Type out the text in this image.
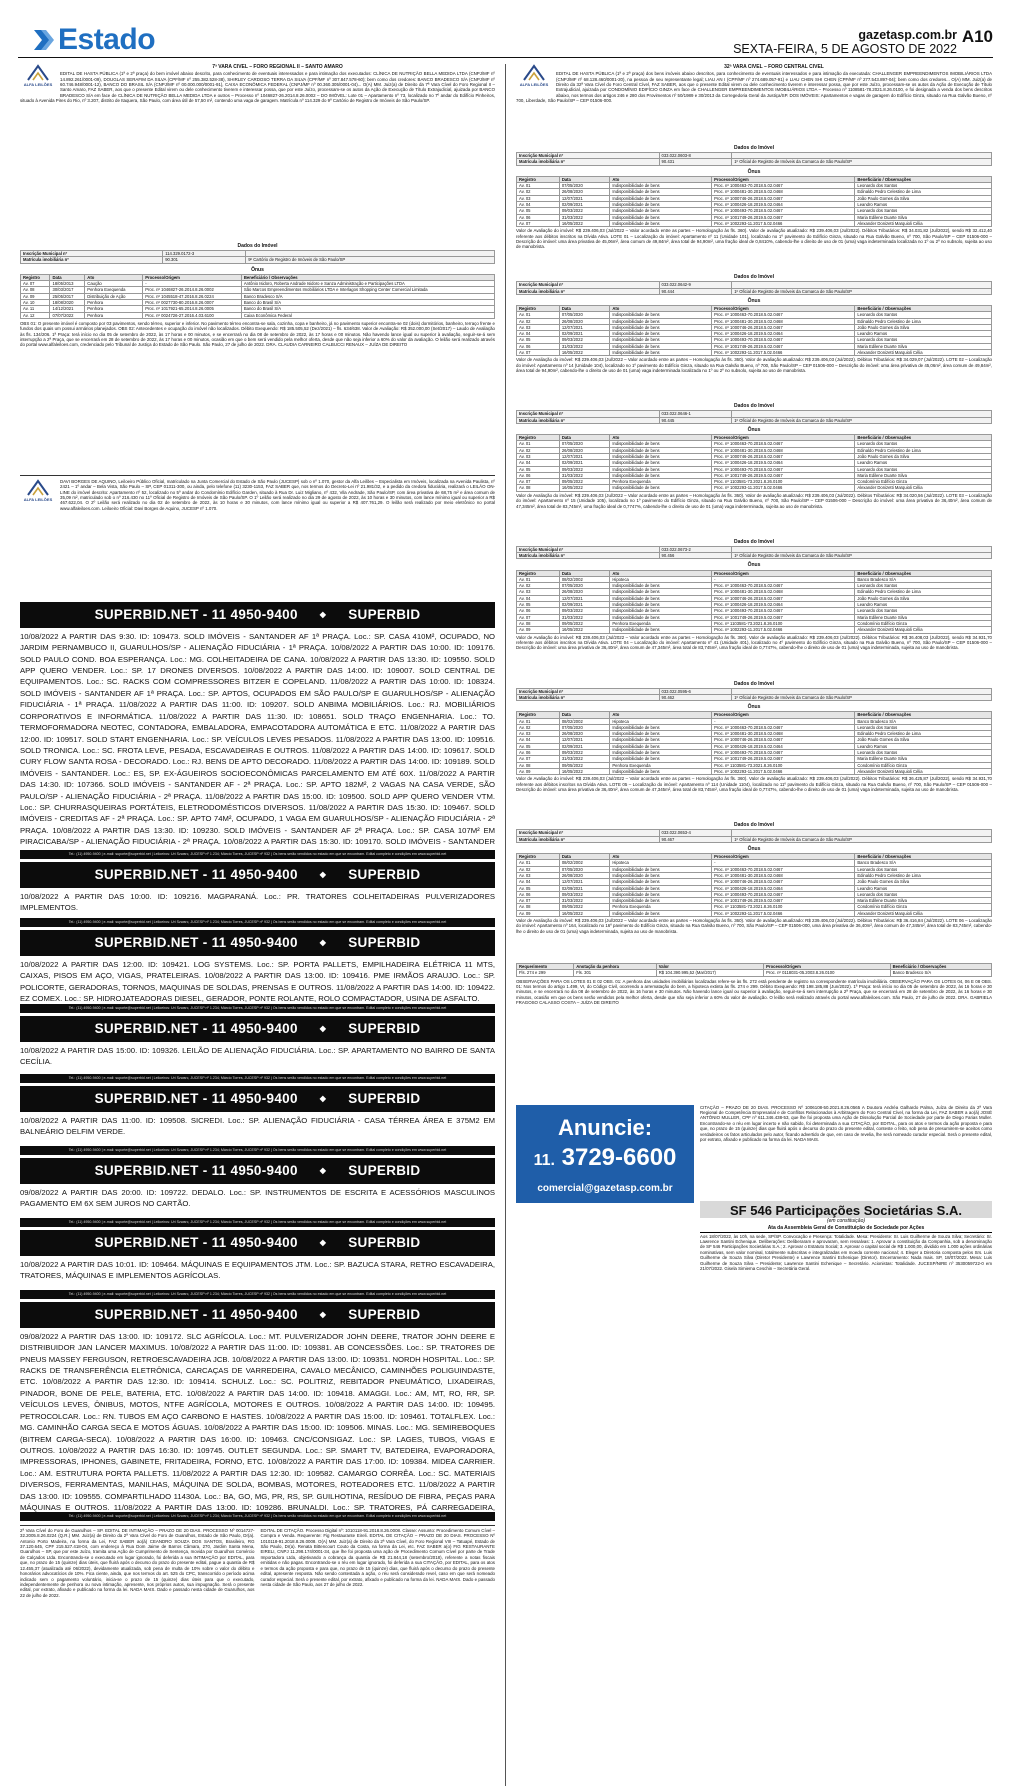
Estado	gazetasp.com.br
SEXTA-FEIRA, 5 DE AGOSTO DE 2022
A10
ALFA LEILÕES
7ª VARA CÍVEL – FORO REGIONAL II – SANTO AMARO
EDITAL DE HASTA PÚBLICA (1ª e 2ª praça) do bem imóvel abaixo descrito, para conhecimento de eventuais interessados e para intimação dos executados: CLÍNICA DE NUTRIÇÃO BELLA MEDIDA LTDA (CNPJ/MF nº 14.892.261/0001-09), DOUGLAS SERAFIM DA SILVA (CPF/MF nº 255.382.528-38), SHIRLEY CARDOSO TERRA DA SILVA (CPF/MF nº 307.847.578-60); bem como dos credores: BANCO BRADESCO S/A (CNPJ/MF nº 60.746.948/0001-12), BANCO DO BRASIL S/A (CNPJ/MF nº 00.000.000/0001-91), CAIXA ECONÔMICA FEDERAL (CNPJ/MF nº 00.360.305/0001-04)... O(A) MM. Juiz(a) de Direito da 7ª Vara Cível do Foro Regional II – Santo Amaro, FAZ SABER, aos que o presente Edital virem ou dele conhecimento tiverem e interessar possa, que por este Juízo, processam-se os autos da Ação de Execução de Título Extrajudicial, ajuizada por BANCO BRADESCO S/A em face de CLÍNICA DE NUTRIÇÃO BELLA MEDIDA LTDA e outros – Processo nº 1046827-26.2014.8.26.0002 – DO IMÓVEL: Lote 01 – Apartamento nº 73, localizado no 7º andar do Edifício Pinheiros, situado à Avenida Pires do Rio, nº 3.207, distrito de Itaquera, São Paulo, com área útil de 57,50 m², contendo uma vaga de garagem. Matrícula nº 114.329 do 9º Cartório de Registro de Imóveis de São Paulo/SP.
Dados do Imóvel
Inscrição Municipal nº	114.329.0172-3	
Matrícula imobiliária nº	90.301	9º Cartório de Registro de Imóveis de São Paulo/SP
Ônus
Registro	Data	Ato	Processo/Origem	Beneficiário / Observações
Av. 07	18/05/2013	Caução	-	Antônio Isidoro, Roberta Andrade Isidoro e Sanza Administração e Participações LTDA
Av. 08	30/03/2017	Penhora Exequenda	Proc. nº 1046827-26.2014.8.26.0002	São Marcos Empreendimentos Imobiliários LTDA e Interlagos Shopping Center Comercial Limitada
Av. 09	25/05/2017	Distribuição de Ação	Proc. nº 1045518-47.2016.8.26.0224	Banco Bradesco S/A
Av. 10	18/08/2020	Penhora	Proc. nº 0027730-80.2016.8.26.0007	Banco do Brasil S/A
Av. 11	14/12/2021	Penhora	Proc. nº 1017921-65.2014.8.26.0005	Banco do Brasil S/A
Av. 12	07/07/2022	Penhora	Proc. nº 0024726-27.2016.4.03.6100	Caixa Econômica Federal
OBS 01: O presente imóvel é composto por 03 pavimentos, sendo térreo, superior e inferior. No pavimento térreo encontra-se sala, cozinha, copa e banheiro, já no pavimento superior encontra-se 02 (dois) dormitórios, banheiro, terraço frente e fundos dos quais um possui armários planejados. OBS 02: Antecedentes e ocupação do imóvel não localizados. Débito Exequendo: R$ 185.505,52 (Dez/2021) – fls. 634/638. Valor de Avaliação: R$ 352.000,00 (Set/2017) – Laudo de Avaliação às fls. 134/206. 1ª Praça: terá início no dia 05 de setembro de 2022, às 17 horas e 00 minutos, e se encerrará no dia 08 de setembro de 2022, às 17 horas e 00 minutos. Não havendo lance igual ou superior à avaliação, seguir-se-á sem interrupção a 2ª Praça, que se encerrará em 28 de setembro de 2022, às 17 horas e 00 minutos, ocasião em que o bem será vendido pela melhor oferta, desde que não seja inferior a 60% do valor da avaliação. O leilão será realizado através do portal www.alfaleiloes.com, credenciado pelo Tribunal de Justiça do Estado de São Paulo. São Paulo, 27 de julho de 2022. DRA. CLAUDIA CARNEIRO CALBUCCI RENAUX – JUÍZA DE DIREITO
ALFA LEILÕES
DAVI BORGES DE AQUINO, Leiloeiro Público Oficial, matriculado na Junta Comercial do Estado de São Paulo (JUCESP) sob o nº 1.070, gestor da Alfa Leilões – Especialista em Imóveis, localizada na Avenida Paulista, nº 2421 – 1º andar – Bela Vista, São Paulo – SP, CEP 01311-300, ou ainda, pelo telefone (11) 3230-1153, FAZ SABER que, nos termos do Decreto-Lei nº 21.981/32, e a pedido da credora fiduciária, realizará o LEILÃO ON-LINE do imóvel descrito: Apartamento nº 52, localizado no 5º andar do Condomínio Edifício Garden, situado à Rua Dr. Luiz Migliano, nº 432, Vila Andrade, São Paulo/SP, com área privativa de 68,75 m² e área comum de 35,09 m², matriculado sob o nº 216.430 no 11º Oficial de Registro de Imóveis de São Paulo/SP. O 1º Leilão será realizado no dia 29 de agosto de 2022, às 10 horas e 30 minutos, com lance mínimo igual ou superior a R$ 467.622,04. O 2º Leilão será realizado no dia 02 de setembro de 2022, às 10 horas e 30 minutos, com lance mínimo igual ou superior a R$ 407.761,29. O leilão será realizado por meio eletrônico no portal www.alfaleiloes.com. Leiloeiro Oficial: Davi Borges de Aquino, JUCESP nº 1.070.
SUPERBID.NET - 11 4950-9400	◆ SUPERBID
10/08/2022 A PARTIR DAS 9:30. ID: 109473. SOLD IMÓVEIS - SANTANDER AF 1ª PRAÇA. Loc.: SP. CASA 410M², OCUPADO, NO JARDIM PERNAMBUCO II, GUARULHOS/SP - ALIENAÇÃO FIDUCIÁRIA - 1ª PRAÇA. 10/08/2022 A PARTIR DAS 10:00. ID: 109176. SOLD PAULO COND. BOA ESPERANÇA. Loc.: MG. COLHEITADEIRA DE CANA. 10/08/2022 A PARTIR DAS 13:30. ID: 109550. SOLD APP QUERO VENDER. Loc.: SP. 17 DRONES DIVERSOS. 10/08/2022 A PARTIR DAS 14:00. ID: 109007. SOLD CENTRAL DE EQUIPAMENTOS. Loc.: SC. RACKS COM COMPRESSORES BITZER E COPELAND. 11/08/2022 A PARTIR DAS 10:00. ID: 108324. SOLD IMÓVEIS - SANTANDER AF 1ª PRAÇA. Loc.: SP. APTOS, OCUPADOS EM SÃO PAULO/SP E GUARULHOS/SP - ALIENAÇÃO FIDUCIÁRIA - 1ª PRAÇA. 11/08/2022 A PARTIR DAS 11:00. ID: 109207. SOLD ANBIMA MOBILIÁRIOS. Loc.: RJ. MOBILIÁRIOS CORPORATIVOS E INFORMÁTICA. 11/08/2022 A PARTIR DAS 11:30. ID: 108651. SOLD TRAÇO ENGENHARIA. Loc.: TO. TERMOFORMADORA NEOTEC, CONTADORA, EMBALADORA, EMPACOTADORA AUTOMÁTICA E ETC. 11/08/2022 A PARTIR DAS 12:00. ID: 109517. SOLD START ENGENHARIA. Loc.: SP. VEÍCULOS LEVES PESADOS. 11/08/2022 A PARTIR DAS 13:00. ID: 109516. SOLD TRONICA. Loc.: SC. FROTA LEVE, PESADA, ESCAVADEIRAS E OUTROS. 11/08/2022 A PARTIR DAS 14:00. ID: 109617. SOLD CURY FLOW SANTA ROSA - DECORADO. Loc.: RJ. BENS DE APTO DECORADO. 11/08/2022 A PARTIR DAS 14:00. ID: 109189. SOLD IMÓVEIS - SANTANDER. Loc.: ES, SP. EX-ÁGUEIROS SOCIOECONÔMICAS PARCELAMENTO EM ATÉ 60X. 11/08/2022 A PARTIR DAS 14:30. ID: 107366. SOLD IMÓVEIS - SANTANDER AF - 2ª PRAÇA. Loc.: SP. APTO 182M², 2 VAGAS NA CASA VERDE, SÃO PAULO/SP - ALIENAÇÃO FIDUCIÁRIA - 2ª PRAÇA. 11/08/2022 A PARTIR DAS 15:00. ID: 109500. SOLD APP QUERO VENDER VTM. Loc.: SP. CHURRASQUEIRAS PORTÁTEIS, ELETRODOMÉSTICOS DIVERSOS. 11/08/2022 A PARTIR DAS 15:30. ID: 109467. SOLD IMÓVEIS - CREDITAS AF - 2ª PRAÇA. Loc.: SP. APTO 74M², OCUPADO, 1 VAGA EM GUARULHOS/SP - ALIENAÇÃO FIDUCIÁRIA - 2ª PRAÇA. 10/08/2022 A PARTIR DAS 13:30. ID: 109230. SOLD IMÓVEIS - SANTANDER AF 2ª PRAÇA. Loc.: SP. CASA 107M² EM PIRACICABA/SP - ALIENAÇÃO FIDUCIÁRIA - 2ª PRAÇA. 10/08/2022 A PARTIR DAS 15:30. ID: 109170. SOLD IMÓVEIS - SANTANDER
Tel.: (11) 4950-9400 | e-mail: suporte@superbid.net | Leiloeiros: Uri Szwarc, JUCESP nº 1.234; Márcio Torres, JUCESP nº 932 | Os bens serão vendidos no estado em que se encontram. Edital completo e condições em www.superbid.net
SUPERBID.NET - 11 4950-9400	◆ SUPERBID
10/08/2022 A PARTIR DAS 10:00. ID: 109216. MAGPARANÁ. Loc.: PR. TRATORES COLHEITADEIRAS PULVERIZADORES IMPLEMENTOS.
Tel.: (11) 4950-9400 | e-mail: suporte@superbid.net | Leiloeiros: Uri Szwarc, JUCESP nº 1.234; Márcio Torres, JUCESP nº 932 | Os bens serão vendidos no estado em que se encontram. Edital completo e condições em www.superbid.net
SUPERBID.NET - 11 4950-9400	◆ SUPERBID
10/08/2022 A PARTIR DAS 12:00. ID: 109421. LOG SYSTEMS. Loc.: SP. PORTA PALLETS, EMPILHADEIRA ELÉTRICA 11 MTS, CAIXAS, PISOS EM AÇO, VIGAS, PRATELEIRAS. 10/08/2022 A PARTIR DAS 13:00. ID: 109416. PME IRMÃOS ARAUJO. Loc.: SP. POLICORTE, GERADORAS, TORNOS, MAQUINAS DE SOLDAS, PRENSAS E OUTROS. 11/08/2022 A PARTIR DAS 14:00. ID: 109422. EZ COMEX. Loc.: SP. HIDROJATEADORAS DIESEL, GERADOR, PONTE ROLANTE, ROLO COMPACTADOR, USINA DE ASFALTO.
Tel.: (11) 4950-9400 | e-mail: suporte@superbid.net | Leiloeiros: Uri Szwarc, JUCESP nº 1.234; Márcio Torres, JUCESP nº 932 | Os bens serão vendidos no estado em que se encontram. Edital completo e condições em www.superbid.net
SUPERBID.NET - 11 4950-9400	◆ SUPERBID
10/08/2022 A PARTIR DAS 15:00. ID: 109326. LEILÃO DE ALIENAÇÃO FIDUCIÁRIA. Loc.: SP. APARTAMENTO NO BAIRRO DE SANTA CECÍLIA.
Tel.: (11) 4950-9400 | e-mail: suporte@superbid.net | Leiloeiros: Uri Szwarc, JUCESP nº 1.234; Márcio Torres, JUCESP nº 932 | Os bens serão vendidos no estado em que se encontram. Edital completo e condições em www.superbid.net
SUPERBID.NET - 11 4950-9400	◆ SUPERBID
10/08/2022 A PARTIR DAS 11:00. ID: 109508. SICREDI. Loc.: SP. ALIENAÇÃO FIDUCIÁRIA - CASA TÉRREA ÁREA E 375M2 EM BALNEÁRIO DELFIM VERDE.
Tel.: (11) 4950-9400 | e-mail: suporte@superbid.net | Leiloeiros: Uri Szwarc, JUCESP nº 1.234; Márcio Torres, JUCESP nº 932 | Os bens serão vendidos no estado em que se encontram. Edital completo e condições em www.superbid.net
SUPERBID.NET - 11 4950-9400	◆ SUPERBID
09/08/2022 A PARTIR DAS 20:00. ID: 109722. DEDALO. Loc.: SP. INSTRUMENTOS DE ESCRITA E ACESSÓRIOS MASCULINOS PAGAMENTO EM 6X SEM JUROS NO CARTÃO.
Tel.: (11) 4950-9400 | e-mail: suporte@superbid.net | Leiloeiros: Uri Szwarc, JUCESP nº 1.234; Márcio Torres, JUCESP nº 932 | Os bens serão vendidos no estado em que se encontram. Edital completo e condições em www.superbid.net
SUPERBID.NET - 11 4950-9400	◆ SUPERBID
10/08/2022 A PARTIR DAS 10:01. ID: 109464. MÁQUINAS E EQUIPAMENTOS JTM. Loc.: SP. BAZUCA STARA, RETRO ESCAVADEIRA, TRATORES, MÁQUINAS E IMPLEMENTOS AGRÍCOLAS.
Tel.: (11) 4950-9400 | e-mail: suporte@superbid.net | Leiloeiros: Uri Szwarc, JUCESP nº 1.234; Márcio Torres, JUCESP nº 932 | Os bens serão vendidos no estado em que se encontram. Edital completo e condições em www.superbid.net
SUPERBID.NET - 11 4950-9400	◆ SUPERBID
09/08/2022 A PARTIR DAS 13:00. ID: 109172. SLC AGRÍCOLA. Loc.: MT. PULVERIZADOR JOHN DEERE, TRATOR JOHN DEERE E DISTRIBUIDOR JAN LANCER MAXIMUS. 10/08/2022 A PARTIR DAS 11:00. ID: 109381. AB CONCESSÕES. Loc.: SP. TRATORES DE PNEUS MASSEY FERGUSON, RETROESCAVADEIRA JCB. 10/08/2022 A PARTIR DAS 13:00. ID: 109351. NORDH HOSPITAL. Loc.: SP. RACKS DE TRANSFERÊNCIA ELETRÔNICA, CARCAÇAS DE VARREDEIRA, CAVALO MECÂNICO, CAMINHÕES POLIGUINDASTE, ETC. 10/08/2022 A PARTIR DAS 12:30. ID: 109414. SCHULZ. Loc.: SC. POLITRIZ, REBITADOR PNEUMÁTICO, LIXADEIRAS, PINADOR, BONE DE PELE, BATERIA, ETC. 10/08/2022 A PARTIR DAS 14:00. ID: 109418. AMAGGI. Loc.: AM, MT, RO, RR, SP. VEÍCULOS LEVES, ÔNIBUS, MOTOS, NTFE AGRÍCOLA, MOTORES E OUTROS. 10/08/2022 A PARTIR DAS 14:00. ID: 109495. PETROCOLCAR. Loc.: RN. TUBOS EM AÇO CARBONO E HASTES. 10/08/2022 A PARTIR DAS 15:00. ID: 109461. TOTALFLEX. Loc.: MG. CAMINHÃO CARGA SECA E MOTOS ÁGUAS. 10/08/2022 A PARTIR DAS 15:00. ID: 109506. MINAS. Loc.: MG. SEMIREBOQUES (BITREM CARGA-SECA). 10/08/2022 A PARTIR DAS 16:00. ID: 109463. CNC/CONSIGAZ. Loc.: SP. LAGES, TUBOS, VIGAS E OUTROS. 10/08/2022 A PARTIR DAS 16:30. ID: 109745. OUTLET SEGUNDA. Loc.: SP. SMART TV, BATEDEIRA, EVAPORADORA, IMPRESSORAS, IPHONES, GABINETE, FRITADEIRA, FORNO, ETC. 10/08/2022 A PARTIR DAS 17:00. ID: 109384. MIDEA CARRIER. Loc.: AM. ESTRUTURA PORTA PALLETS. 11/08/2022 A PARTIR DAS 12:30. ID: 109582. CAMARGO CORRÊA. Loc.: SC. MATERIAIS DIVERSOS, FERRAMENTAS, MANILHAS, MÁQUINA DE SOLDA, BOMBAS, MOTORES, ROTEADORES ETC. 11/08/2022 A PARTIR DAS 13:00. ID: 109555. COMPARTILHADO 11430A. Loc.: BA, GO, MG, PR, RS, SP. GUILHOTINA, RESÍDUO DE FIBRA, PEÇAS PARA MÁQUINAS E OUTROS. 11/08/2022 A PARTIR DAS 13:00. ID: 109286. BRUNALDI. Loc.: SP. TRATORES, PÁ CARREGADEIRA,
Tel.: (11) 4950-9400 | e-mail: suporte@superbid.net | Leiloeiros: Uri Szwarc, JUCESP nº 1.234; Márcio Torres, JUCESP nº 932 | Os bens serão vendidos no estado em que se encontram. Edital completo e condições em www.superbid.net
2ª Vara Cível do Foro de Guarulhos – SP. EDITAL DE INTIMAÇÃO – PRAZO DE 20 DIAS. PROCESSO Nº 0014727-32.2005.8.26.0224 (Q.R.) MM. Juiz(a) de Direito da 2ª Vara Cível do Foro de Guarulhos, Estado de São Paulo, Dr(a). Antonio Porto Madeira, na forma da Lei, FAZ SABER ao(à) CEANDRO SOUZA DOS SANTOS, Brasileiro, RG 37.120.645, CPF 215.527.418-04, com endereço à Rua Dom Jaime de Barros Câmara, 270, Jardim Santa Mena, Guarulhos – SP, que por este Juízo, tramita uma Ação de Cumprimento de Sentença, movida por Guarulhos Comércio de Calçados Ltda. Encontrando-se o executado em lugar ignorado, foi deferida a sua INTIMAÇÃO por EDITAL, para que, no prazo de 15 (quinze) dias úteis, que fluirá após o decurso do prazo do presente edital, pague a quantia de R$ 12.455,37 (atualizada até 06/2022), devidamente atualizada, sob pena de multa de 10% sobre o valor do débito e honorários advocatícios de 10%. Fica ciente, ainda, que nos termos do art. 525 do CPC, transcorrido o período acima indicado sem o pagamento voluntário, inicia-se o prazo de 15 (quinze) dias úteis para que o executado, independentemente de penhora ou nova intimação, apresente, nos próprios autos, sua impugnação. Será o presente edital, por extrato, afixado e publicado na forma da lei. NADA MAIS. Dado e passado nesta cidade de Guarulhos, aos 22 de julho de 2022.
EDITAL DE CITAÇÃO. Processo Digital nº: 1010118-91.2018.8.26.0008. Classe: Assunto: Procedimento Comum Cível – Compra e Venda. Requerente: Fig Restaurante Eireli. EDITAL DE CITAÇÃO – PRAZO DE 20 DIAS. PROCESSO Nº 1010118-91.2018.8.26.0008. O(A) MM. Juiz(a) de Direito da 2ª Vara Cível, do Foro Regional VIII – Tatuapé, Estado de São Paulo, Dr(a). Renata Bittencourt Couto da Costa, na forma da Lei, etc. FAZ SABER a(o) FIG RESTAURANTE EIRELI, CNPJ 11.298.174/0001-34, que lhe foi proposta uma ação de Procedimento Comum Cível por parte de Trade Importadora Ltda, objetivando a cobrança da quantia de R$ 21.844,18 (setembro/2018), referente a notas fiscais emitidas e não pagas. Encontrando-se o réu em lugar ignorado, foi deferida a sua CITAÇÃO, por EDITAL, para os atos e termos da ação proposta e para que, no prazo de 15 (quinze) dias, que fluirá após o decurso do prazo do presente edital, apresente resposta. Não sendo contestada a ação, o réu será considerado revel, caso em que será nomeado curador especial. Será o presente edital, por extrato, afixado e publicado na forma da lei. NADA MAIS. Dado e passado nesta cidade de São Paulo, aos 27 de julho de 2022.
ALFA LEILÕES
32ª VARA CÍVEL – FORO CENTRAL CÍVEL
EDITAL DE HASTA PÚBLICA (1ª e 2ª praça) dos bens imóveis abaixo descritos, para conhecimento de eventuais interessados e para intimação da executada: CHALLENGER EMPREENDIMENTOS IMOBILIÁRIOS LTDA (CNPJ/MF nº 68.128.460/0001-20), na pessoa de seu representante legal; LIAU AN I (CPF/MF nº 274.689.057-91) e LIAU CHEN SHI CHEN (CPF/MF nº 277.543.897-04); bem como dos credores... O(A) MM. Juiz(a) de Direito da 32ª Vara Cível do Foro Central Cível, FAZ SABER, aos que o presente Edital virem ou dele conhecimento tiverem e interessar possa, que por este Juízo, processam-se os autos da Ação de Execução de Título Extrajudicial, ajuizada por CONDOMÍNIO EDIFÍCIO GINZA em face de CHALLENGER EMPREENDIMENTOS IMOBILIÁRIOS LTDA – Processo nº 1108581-78.2021.8.26.0100, e foi designada a venda dos bens descritos abaixo, nos termos dos artigos 246 e 280 dos Provimentos nº 50/1989 e 30/2013 da Corregedoria Geral da Justiça/SP. DOS IMÓVEIS: Apartamentos e vagas de garagem do Edifício Ginza, situado na Rua Galvão Bueno, nº 700, Liberdade, São Paulo/SP – CEP 01506-000.
Dados do Imóvel
Inscrição Municipal nº	033.022.0603-8	
Matrícula imobiliária nº	90.431	1º Oficial de Registro de Imóveis da Comarca de São Paulo/SP
Ônus
Registro	Data	Ato	Processo/Origem	Beneficiário / Observações
Av. 01	07/05/2020	Indisponibilidade de bens	Proc. nº 1000463-70.2018.5.02.0467	Leonardo dos Santos
Av. 02	26/08/2020	Indisponibilidade de bens	Proc. nº 1000481-30.2018.5.02.0468	Edinaldo Pedro Celestino de Lima
Av. 03	12/07/2021	Indisponibilidade de bens	Proc. nº 1000746-26.2018.5.02.0467	João Paulo Gomes da Silva
Av. 04	02/09/2021	Indisponibilidade de bens	Proc. nº 1000426-18.2019.5.02.0464	Leandro Ramos
Av. 05	09/03/2022	Indisponibilidade de bens	Proc. nº 1000493-70.2018.5.02.0467	Leonardo dos Santos
Av. 06	31/03/2022	Indisponibilidade de bens	Proc. nº 1001749-26.2019.5.02.0467	Maria Edilene Duarte Silva
Av. 07	16/05/2022	Indisponibilidade de bens	Proc. nº 1002293-11.2017.5.02.0466	Alexander Donizetti Marquioli Célia
Valor de Avaliação do imóvel: R$ 239.406,03 (Jul/2022 – Valor acordado entre as partes – Homologação às fls. 360). Valor de avaliação atualizado: R$ 239.406,03 (Jul/2022). Débitos Tributários: R$ 34.031,82 (Jul/2022), sendo R$ 32.412,40 referente aos débitos inscritos na Dívida Ativa. LOTE 01 – Localização do imóvel: Apartamento nº 11 (Unidade 101), localizado no 1º pavimento do Edifício Ginza, situado na Rua Galvão Bueno, nº 700, São Paulo/SP – CEP 01506-000 – Descrição do imóvel: uma área privativa de 45,06m², área comum de 49,84m², área total de 94,90m², uma fração ideal de 0,8410%, cabendo-lhe o direito de uso de 01 (uma) vaga indeterminada localizada no 1º ou 2º no subsolo, sujeita ao uso de manobrista.
Dados do Imóvel
Inscrição Municipal nº	033.022.0642-9	
Matrícula imobiliária nº	90.444	1º Oficial de Registro de Imóveis da Comarca de São Paulo/SP
Ônus
Registro	Data	Ato	Processo/Origem	Beneficiário / Observações
Av. 01	07/05/2020	Indisponibilidade de bens	Proc. nº 1000463-70.2018.5.02.0467	Leonardo dos Santos
Av. 02	26/08/2020	Indisponibilidade de bens	Proc. nº 1000481-30.2018.5.02.0468	Edinaldo Pedro Celestino de Lima
Av. 03	12/07/2021	Indisponibilidade de bens	Proc. nº 1000746-26.2018.5.02.0467	João Paulo Gomes da Silva
Av. 04	02/09/2021	Indisponibilidade de bens	Proc. nº 1000426-18.2019.5.02.0464	Leandro Ramos
Av. 05	09/03/2022	Indisponibilidade de bens	Proc. nº 1000493-70.2018.5.02.0467	Leonardo dos Santos
Av. 06	31/03/2022	Indisponibilidade de bens	Proc. nº 1001749-26.2019.5.02.0467	Maria Edilene Duarte Silva
Av. 07	16/05/2022	Indisponibilidade de bens	Proc. nº 1002293-11.2017.5.02.0466	Alexander Donizetti Marquioli Célia
Valor de Avaliação do imóvel: R$ 239.406,03 (Jul/2022 – Valor acordado entre as partes – Homologação às fls. 360). Valor de avaliação atualizado: R$ 239.406,03 (Jul/2022). Débitos Tributários: R$ 34.029,07 (Jul/2022). LOTE 02 – Localização do imóvel: Apartamento nº 14 (Unidade 104), localizado no 1º pavimento do Edifício Ginza, situado na Rua Galvão Bueno, nº 700, São Paulo/SP – CEP 01506-000 – Descrição do imóvel: uma área privativa de 45,06m², área comum de 49,84m², área total de 94,90m², cabendo-lhe o direito de uso de 01 (uma) vaga indeterminada localizada no 1º ou 2º no subsolo, sujeita ao uso de manobrista.
Dados do Imóvel
Inscrição Municipal nº	033.022.0646-1	
Matrícula imobiliária nº	90.445	1º Oficial de Registro de Imóveis da Comarca de São Paulo/SP
Ônus
Registro	Data	Ato	Processo/Origem	Beneficiário / Observações
Av. 01	07/05/2020	Indisponibilidade de bens	Proc. nº 1000463-70.2018.5.02.0467	Leonardo dos Santos
Av. 02	26/08/2020	Indisponibilidade de bens	Proc. nº 1000481-30.2018.5.02.0468	Edinaldo Pedro Celestino de Lima
Av. 03	12/07/2021	Indisponibilidade de bens	Proc. nº 1000746-26.2018.5.02.0467	João Paulo Gomes da Silva
Av. 04	02/09/2021	Indisponibilidade de bens	Proc. nº 1000426-18.2019.5.02.0464	Leandro Ramos
Av. 05	09/03/2022	Indisponibilidade de bens	Proc. nº 1000493-70.2018.5.02.0467	Leonardo dos Santos
Av. 06	31/03/2022	Indisponibilidade de bens	Proc. nº 1001749-26.2019.5.02.0467	Maria Edilene Duarte Silva
Av. 07	09/05/2022	Penhora Exequenda	Proc. nº 1103581-73.2021.8.26.0100	Condomínio Edifício Ginza
Av. 08	16/05/2022	Indisponibilidade de bens	Proc. nº 1002293-11.2017.5.02.0466	Alexander Donizetti Marquioli Célia
Valor de Avaliação do imóvel: R$ 239.406,03 (Jul/2022 – Valor acordado entre as partes – Homologação às fls. 360). Valor de avaliação atualizado: R$ 239.406,03 (Jul/2022). Débitos Tributários: R$ 34.020,56 (Jul/2022). LOTE 03 – Localização do imóvel: Apartamento nº 15 (Unidade 105), localizado no 1º pavimento do Edifício Ginza, situado na Rua Galvão Bueno, nº 700, São Paulo/SP – CEP 01506-000 – Descrição do imóvel: uma área privativa de 36,40m², área comum de 47,345m², área total de 83,745m², uma fração ideal de 0,7747%, cabendo-lhe o direito de uso de 01 (uma) vaga indeterminada, sujeita ao uso de manobrista.
Dados do Imóvel
Inscrição Municipal nº	033.022.0673-2	
Matrícula imobiliária nº	90.456	1º Oficial de Registro de Imóveis da Comarca de São Paulo/SP
Ônus
Registro	Data	Ato	Processo/Origem	Beneficiário / Observações
Av. 01	08/02/2002	Hipoteca	-	Banco Bradesco S/A
Av. 02	07/05/2020	Indisponibilidade de bens	Proc. nº 1000463-70.2018.5.02.0467	Leonardo dos Santos
Av. 03	26/08/2020	Indisponibilidade de bens	Proc. nº 1000481-30.2018.5.02.0468	Edinaldo Pedro Celestino de Lima
Av. 04	12/07/2021	Indisponibilidade de bens	Proc. nº 1000746-26.2018.5.02.0467	João Paulo Gomes da Silva
Av. 05	02/09/2021	Indisponibilidade de bens	Proc. nº 1000426-18.2019.5.02.0464	Leandro Ramos
Av. 06	09/03/2022	Indisponibilidade de bens	Proc. nº 1000493-70.2018.5.02.0467	Leonardo dos Santos
Av. 07	31/03/2022	Indisponibilidade de bens	Proc. nº 1001749-26.2019.5.02.0467	Maria Edilene Duarte Silva
Av. 08	09/05/2022	Penhora Exequenda	Proc. nº 1103581-73.2021.8.26.0100	Condomínio Edifício Ginza
Av. 09	16/05/2022	Indisponibilidade de bens	Proc. nº 1002293-11.2017.5.02.0466	Alexander Donizetti Marquioli Célia
Valor de Avaliação do imóvel: R$ 239.406,03 (Jul/2022 – Valor acordado entre as partes – Homologação às fls. 360). Valor de avaliação atualizado: R$ 239.406,03 (Jul/2022). Débitos Tributários: R$ 36.408,03 (Jul/2022), sendo R$ 34.931,70 referente aos débitos inscritos na Dívida Ativa. LOTE 04 – Localização do imóvel: Apartamento nº 41 (Unidade 401), localizado no 4º pavimento do Edifício Ginza, situado na Rua Galvão Bueno, nº 700, São Paulo/SP – CEP 01506-000 – Descrição do imóvel: uma área privativa de 36,40m², área comum de 47,345m², área total de 83,745m², uma fração ideal de 0,7747%, cabendo-lhe o direito de uso de 01 (uma) vaga indeterminada, sujeita ao uso de manobrista.
Dados do Imóvel
Inscrição Municipal nº	033.022.0595-6	
Matrícula imobiliária nº	90.462	1º Oficial de Registro de Imóveis da Comarca de São Paulo/SP
Ônus
Registro	Data	Ato	Processo/Origem	Beneficiário / Observações
Av. 01	08/02/2002	Hipoteca	-	Banco Bradesco S/A
Av. 02	07/05/2020	Indisponibilidade de bens	Proc. nº 1000463-70.2018.5.02.0467	Leonardo dos Santos
Av. 03	26/08/2020	Indisponibilidade de bens	Proc. nº 1000481-30.2018.5.02.0468	Edinaldo Pedro Celestino de Lima
Av. 04	12/07/2021	Indisponibilidade de bens	Proc. nº 1000746-26.2018.5.02.0467	João Paulo Gomes da Silva
Av. 05	02/09/2021	Indisponibilidade de bens	Proc. nº 1000426-18.2019.5.02.0464	Leandro Ramos
Av. 06	09/03/2022	Indisponibilidade de bens	Proc. nº 1000493-70.2018.5.02.0467	Leonardo dos Santos
Av. 07	31/03/2022	Indisponibilidade de bens	Proc. nº 1001749-26.2019.5.02.0467	Maria Edilene Duarte Silva
Av. 08	09/05/2022	Penhora Exequenda	Proc. nº 1103581-73.2021.8.26.0100	Condomínio Edifício Ginza
Av. 09	16/05/2022	Indisponibilidade de bens	Proc. nº 1002293-11.2017.5.02.0466	Alexander Donizetti Marquioli Célia
Valor de Avaliação do imóvel: R$ 239.406,03 (Jul/2022 – Valor acordado entre as partes – Homologação às fls. 360). Valor de avaliação atualizado: R$ 239.406,03 (Jul/2022). Débitos Tributários: R$ 36.425,87 (Jul/2022), sendo R$ 34.931,70 referente aos débitos inscritos na Dívida Ativa. LOTE 05 – Localização do imóvel: Apartamento nº 114 (Unidade 1104), localizado no 11º pavimento do Edifício Ginza, situado na Rua Galvão Bueno, nº 700, São Paulo/SP – CEP 01506-000 – Descrição do imóvel: uma área privativa de 36,40m², área comum de 47,345m², área total de 83,745m², uma fração ideal de 0,7747%, cabendo-lhe o direito de uso de 01 (uma) vaga indeterminada, sujeita ao uso de manobrista.
Dados do Imóvel
Inscrição Municipal nº	033.022.0653-4	
Matrícula imobiliária nº	90.467	1º Oficial de Registro de Imóveis da Comarca de São Paulo/SP
Ônus
Registro	Data	Ato	Processo/Origem	Beneficiário / Observações
Av. 01	08/02/2002	Hipoteca	-	Banco Bradesco S/A
Av. 02	07/05/2020	Indisponibilidade de bens	Proc. nº 1000463-70.2018.5.02.0467	Leonardo dos Santos
Av. 03	26/08/2020	Indisponibilidade de bens	Proc. nº 1000481-30.2018.5.02.0468	Edinaldo Pedro Celestino de Lima
Av. 04	12/07/2021	Indisponibilidade de bens	Proc. nº 1000746-26.2018.5.02.0467	João Paulo Gomes da Silva
Av. 05	02/09/2021	Indisponibilidade de bens	Proc. nº 1000426-18.2019.5.02.0464	Leandro Ramos
Av. 06	09/03/2022	Indisponibilidade de bens	Proc. nº 1000493-70.2018.5.02.0467	Leonardo dos Santos
Av. 07	31/03/2022	Indisponibilidade de bens	Proc. nº 1001749-26.2019.5.02.0467	Maria Edilene Duarte Silva
Av. 08	09/05/2022	Penhora Exequenda	Proc. nº 1103581-73.2021.8.26.0100	Condomínio Edifício Ginza
Av. 09	16/05/2022	Indisponibilidade de bens	Proc. nº 1002293-11.2017.5.02.0466	Alexander Donizetti Marquioli Célia
Valor de Avaliação do imóvel: R$ 239.406,03 (Jul/2022 – Valor acordado entre as partes – Homologação às fls. 360). Valor de avaliação atualizado: R$ 239.406,03 (Jul/2022). Débitos Tributários: R$ 36.416,84 (Jul/2022). LOTE 06 – Localização do imóvel: Apartamento nº 164, localizado no 16º pavimento do Edifício Ginza, situado na Rua Galvão Bueno, nº 700, São Paulo/SP – CEP 01506-000, uma área privativa de 36,40m², área comum de 47,345m², área total de 83,745m², cabendo-lhe o direito de uso de 01 (uma) vaga indeterminada, sujeita ao uso de manobrista.
Requerimento	Anotação da penhora	Valor	Processo/Origem	Beneficiário / Observações
Fls. 274 e 299	Fls. 301	R$ 104.390.995,52 (Mar/2017)	Proc. nº 0118031-05.2003.8.26.0100	Banco Bradesco S/A
OBSERVAÇÕES PARA OS LOTES 01 E 02 OBS. 01: A penhora das unidades imobiliárias localizadas refere-se às fls. 272 está pendente de registro na correspondente matrícula imobiliária. OBSERVAÇÃO PARA OS LOTES 04, 06 E 08 OBS. 01: Nos termos do artigo 1.499, VI, do Código Civil, ocorrendo a arrematação do bem, a hipoteca extinta às fls. 274 e 299. Débito Exequendo: R$ 198.185,88 (Jun/2022). 1ª Praça: terá início no dia 05 de setembro de 2022, às 16 horas e 30 minutos, e se encerrará no dia 08 de setembro de 2022, às 16 horas e 30 minutos. Não havendo lance igual ou superior à avaliação, seguir-se-á sem interrupção a 2ª Praça, que se encerrará em 28 de setembro de 2022, às 16 horas e 30 minutos, ocasião em que os bens serão vendidos pela melhor oferta, desde que não seja inferior a 60% do valor de avaliação. O leilão será realizado através do portal www.alfaleiloes.com. São Paulo, 27 de julho de 2022. DRA. GABRIELA FRAGOSO CALASSO COSTA – JUÍZA DE DIREITO
Anuncie:
11. 3729-6600
comercial@gazetasp.com.br
CITAÇÃO – PRAZO DE 20 DIAS. PROCESSO Nº 1006108-50.2021.8.26.0565 A Doutora Andréa Galhardo Palma, Juíza de Direito da 2ª Vara Regional de Competência Empresarial e de Conflitos Relacionados à Arbitragem do Foro Central Cível, na forma da Lei, FAZ SABER a ao(à) JOSÉ ANTÔNIO MULLER, CPF nº 611.346.438-53, que lhe foi proposta uma Ação de Dissolução Parcial de Sociedade por parte de Diego Farias Muller. Encontrando-se o réu em lugar incerto e não sabido, foi determinada a sua CITAÇÃO, por EDITAL, para os atos e termos da ação proposta e para que, no prazo de 15 (quinze) dias que fluirá após o decurso do prazo do presente edital, conteste o feito, sob pena de presumirem-se aceitos como verdadeiros os fatos articulados pelo autor, ficando advertido de que, em caso de revelia, lhe será nomeado curador especial. Será o presente edital, por extrato, afixado e publicado na forma da lei. NADA MAIS.
SF 546 Participações Societárias S.A.
(em constituição)
Ata da Assembleia Geral de Constituição de Sociedade por Ações
Aos 18/07/2022, às 10h, na sede, SP/SP. Convocação e Presença: Totalidade. Mesa: Presidente: Sr. Luis Guilherme de Souza Silva; Secretário: Sr. Lawrence Santini Echenique. Deliberações: Deliberaram e aprovaram, sem ressalvas: 1. Aprovar a constituição da Companhia, sob a denominação de SF 546 Participações Societárias S.A.; 2. Aprovar o Estatuto Social; 3. Aprovar o capital social de R$ 1.000,00, dividido em 1.000 ações ordinárias nominativas, sem valor nominal, totalmente subscritas e integralizadas em moeda corrente nacional; 4. Eleger a Diretoria composta pelos Srs. Luis Guilherme de Souza Silva (Diretor Presidente) e Lawrence Santini Echenique (Diretor). Encerramento: Nada mais. SP, 18/07/2022. Mesa: Luis Guilherme de Souza Silva – Presidente; Lawrence Santini Echenique – Secretário. Acionistas: Totalidade. JUCESP/NIRE nº 3530059722-0 em 21/07/2022. Gisela Simiema Ceschin – Secretária Geral.
